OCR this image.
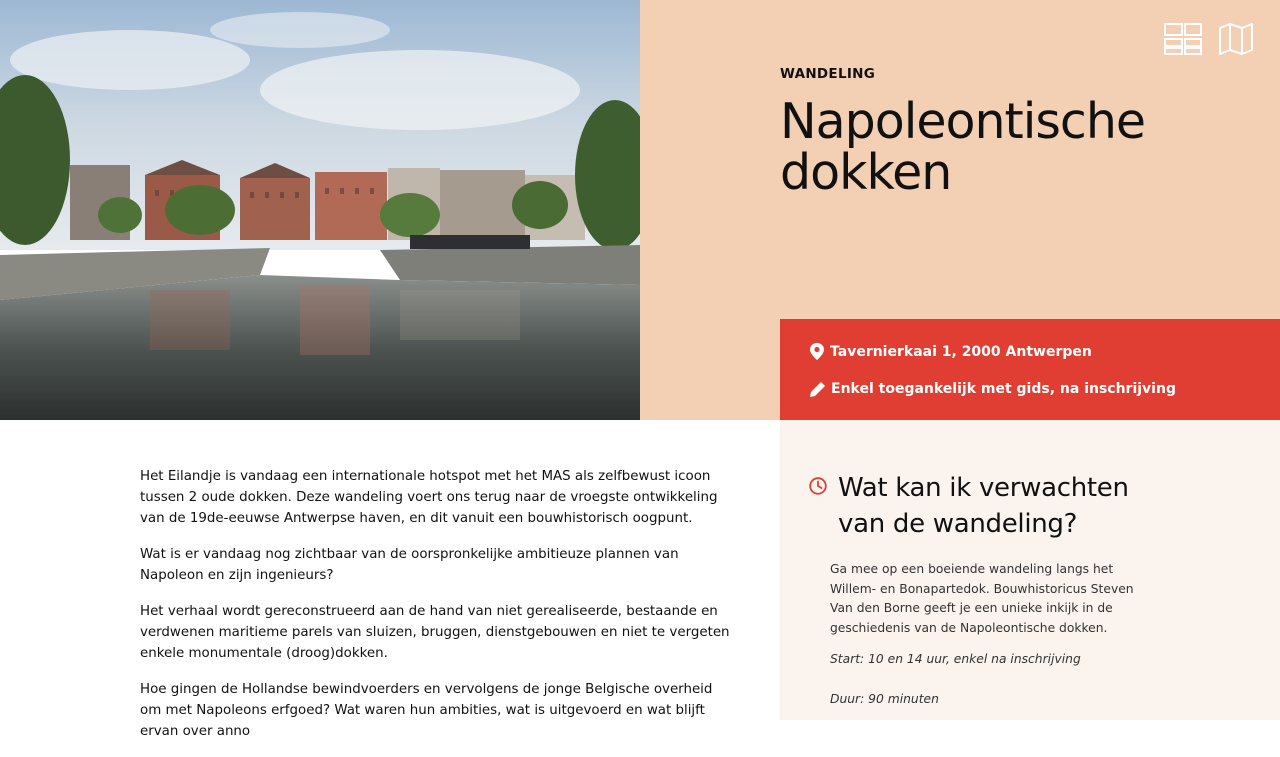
WANDELING
Napoleontische dokken
Tavernierkaai 1, 2000 Antwerpen
Enkel toegankelijk met gids, na inschrijving

Het Eilandje is vandaag een internationale hotspot met het MAS als zelfbewust icoon tussen 2 oude dokken. Deze wandeling voert ons terug naar de vroegste ontwikkeling van de 19de-eeuwse Antwerpse haven, en dit vanuit een bouwhistorisch oogpunt.

Wat is er vandaag nog zichtbaar van de oorspronkelijke ambitieuze plannen van Napoleon en zijn ingenieurs?

Het verhaal wordt gereconstrueerd aan de hand van niet gerealiseerde, bestaande en verdwenen maritieme parels van sluizen, bruggen, dienstgebouwen en niet te vergeten enkele monumentale (droog)dokken.

Hoe gingen de Hollandse bewindvoerders en vervolgens de jonge Belgische overheid om met Napoleons erfgoed? Wat waren hun ambities, wat is uitgevoerd en wat blijft ervan over anno

Wat kan ik verwachten van de wandeling?

Ga mee op een boeiende wandeling langs het Willem- en Bonapartedok. Bouwhistoricus Steven Van den Borne geeft je een unieke inkijk in de geschiedenis van de Napoleontische dokken.

Start: 10 en 14 uur, enkel na inschrijving

Duur: 90 minuten
